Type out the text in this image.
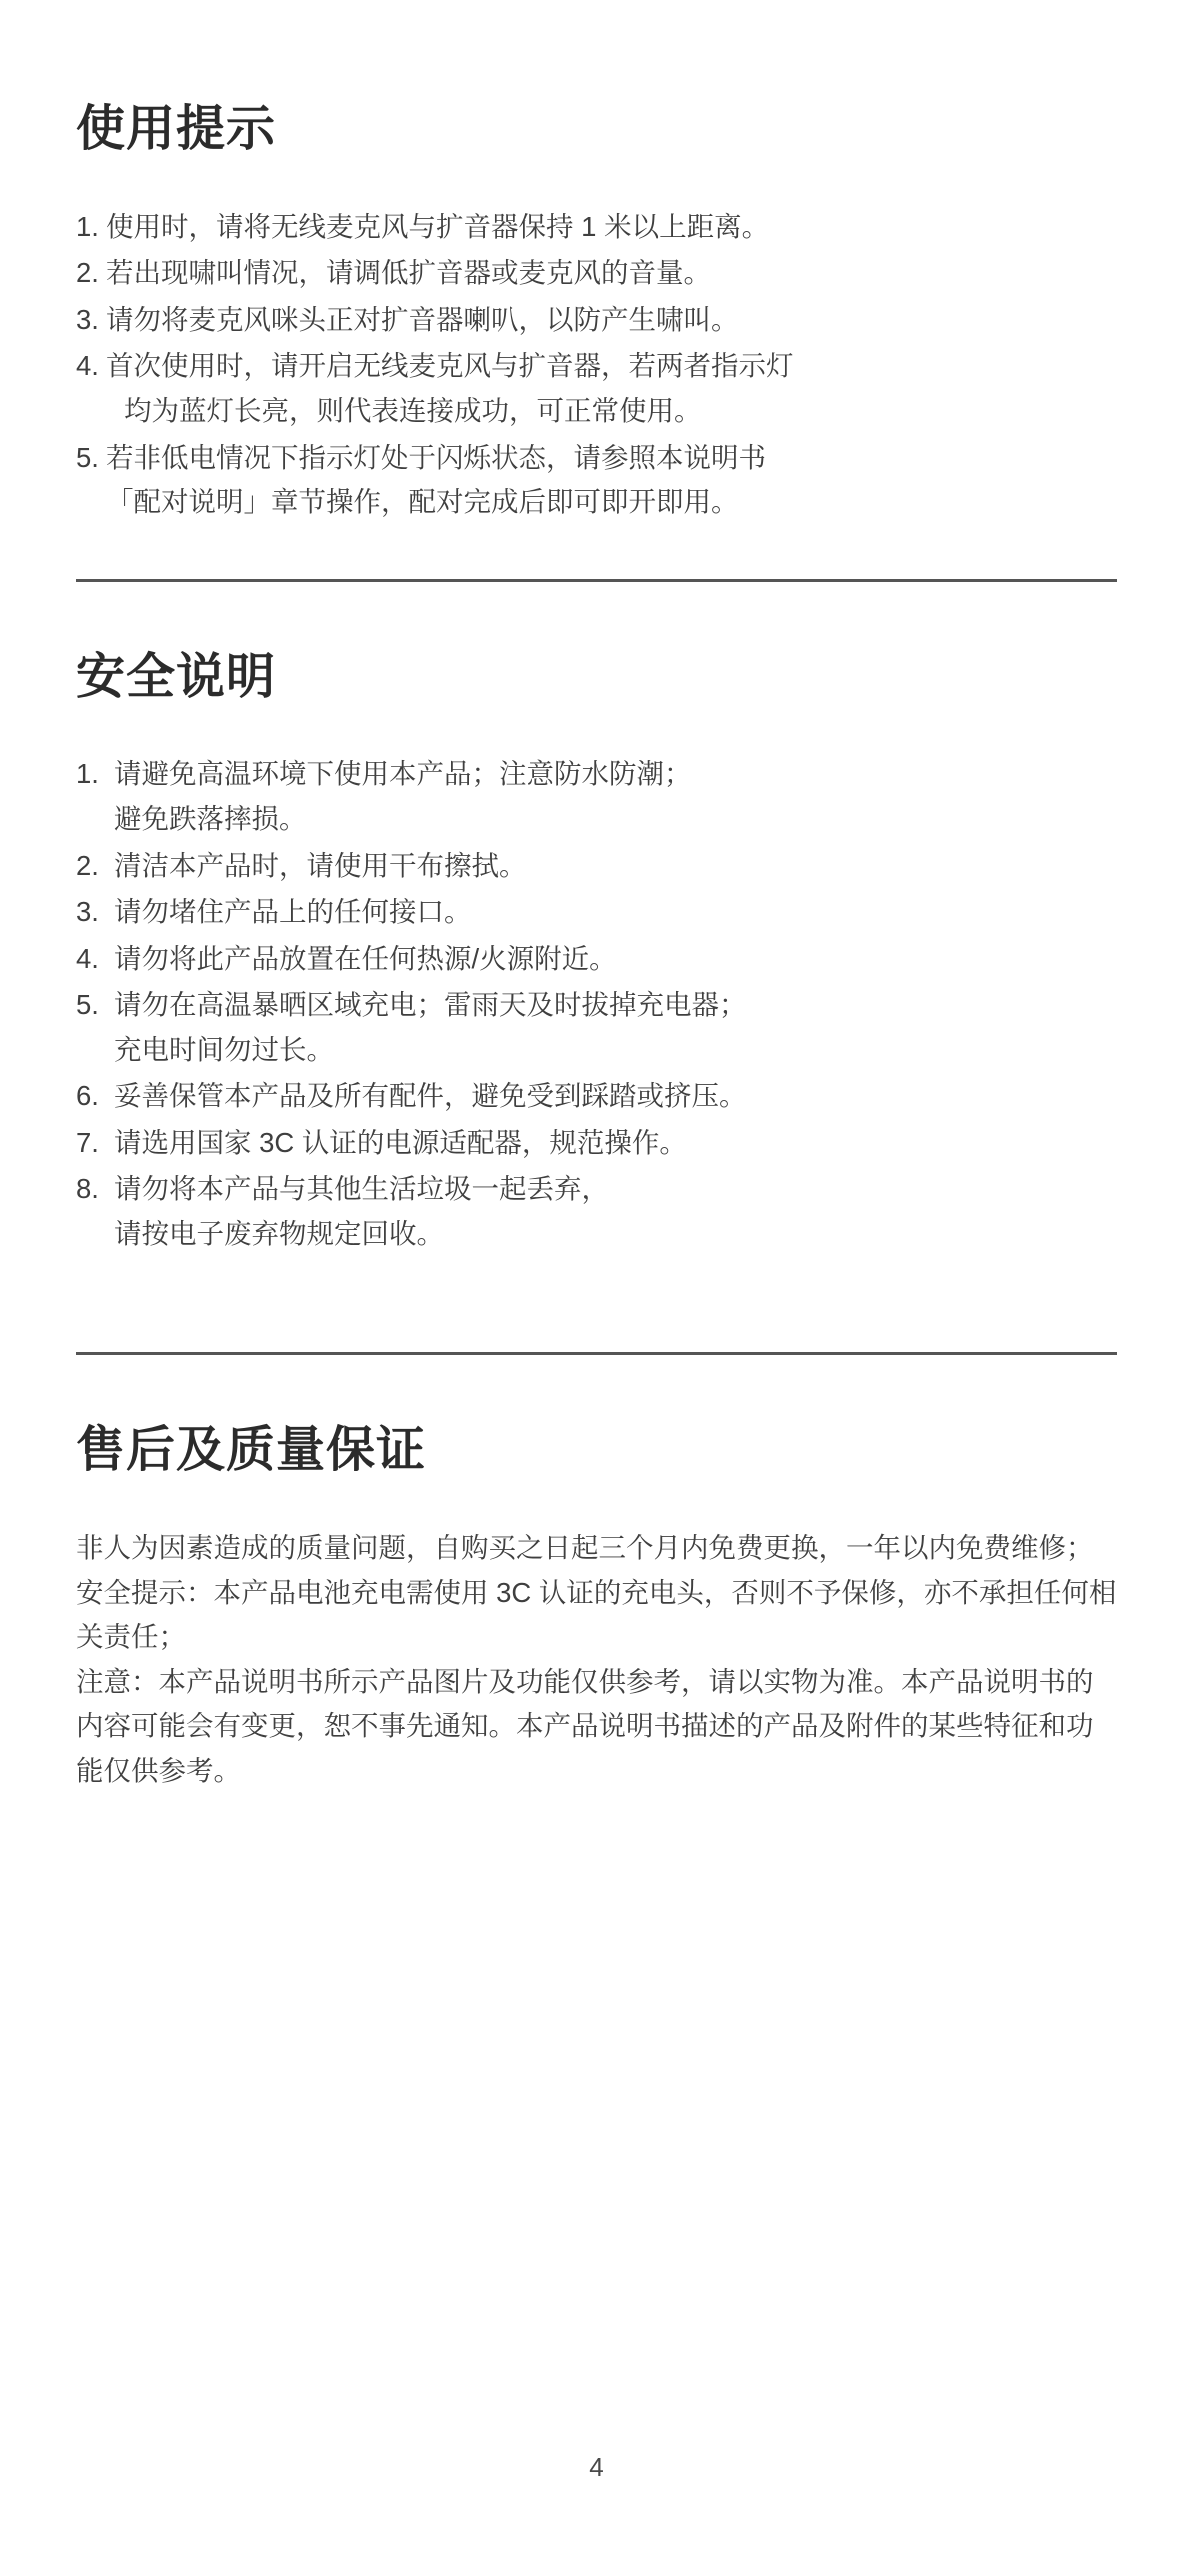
使用提示
1. 使用时，请将无线麦克风与扩音器保持 1 米以上距离。
2. 若出现啸叫情况，请调低扩音器或麦克风的音量。
3. 请勿将麦克风咪头正对扩音器喇叭，以防产生啸叫。
4. 首次使用时，请开启无线麦克风与扩音器，若两者指示灯
均为蓝灯长亮，则代表连接成功，可正常使用。
5. 若非低电情况下指示灯处于闪烁状态，请参照本说明书
「配对说明」章节操作，配对完成后即可即开即用。
安全说明
1. 请避免高温环境下使用本产品；注意防水防潮；
避免跌落摔损。
2. 清洁本产品时，请使用干布擦拭。
3. 请勿堵住产品上的任何接口。
4. 请勿将此产品放置在任何热源/火源附近。
5. 请勿在高温暴晒区域充电；雷雨天及时拔掉充电器；
充电时间勿过长。
6. 妥善保管本产品及所有配件，避免受到踩踏或挤压。
7. 请选用国家 3C 认证的电源适配器，规范操作。
8. 请勿将本产品与其他生活垃圾一起丢弃，
请按电子废弃物规定回收。
售后及质量保证

非人为因素造成的质量问题，自购买之日起三个月内免费更换，一年以内免费维修；

安全提示：本产品电池充电需使用 3C 认证的充电头，否则不予保修，亦不承担任何相关责任；

注意：本产品说明书所示产品图片及功能仅供参考，请以实物为准。本产品说明书的内容可能会有变更，恕不事先通知。本产品说明书描述的产品及附件的某些特征和功能仅供参考。

4
